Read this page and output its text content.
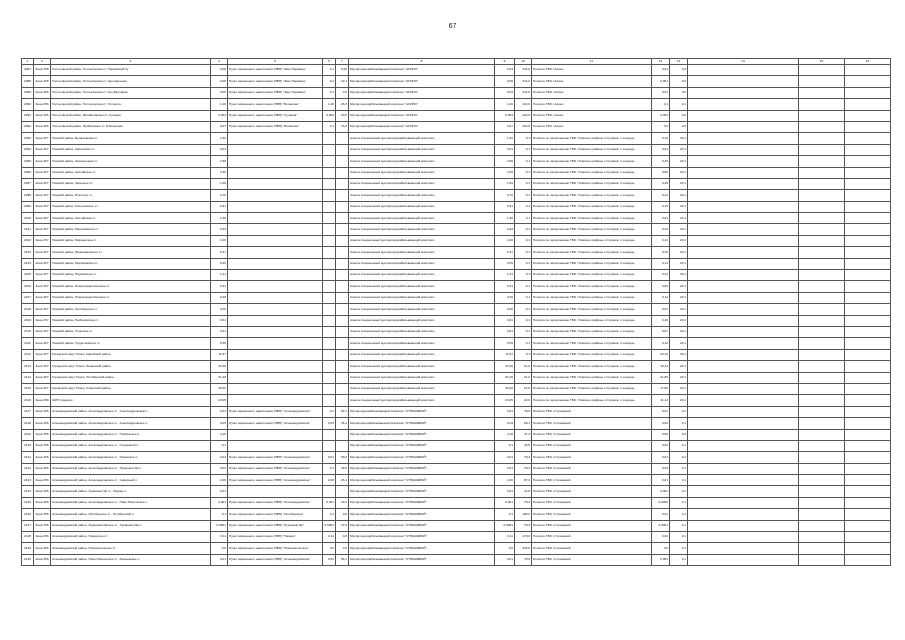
67
1	2	3	4	5	6	7	8	9	10	11	12	13	14	15	16
2087	Зона 3б6	Топтыгинский район, Топтыгинская ст. Покровский бу	0,08	Пункт временного накопления (ПВН) "Экко Пирамид"	0,1	0,20	Мусороперерабатывающий комплекс "АСИНО"	0,04	311,0	Полигон ТБО г.Асино	0,01	0,0			
2088	Зона 3б6	Топтыгинский район, Топтыгинская ст. Центральная	0,08	Пункт временного накопления (ПВН) "Экко Пирамид"	0,1	22,1	Мусороперерабатывающий комплекс "АСИНО"	0,05	311,0	Полигон ТБО г.Асино	0,001	0,0			
2089	Зона 3б6	Топтыгинский район, Топтыгинская ст. Кол-Балтарая	0,06	Пункт временного накопления (ПВН) "Экко Пирамид"	0,1	0,0	Мусороперерабатывающий комплекс "АСИНО"	0,04	311,0	Полигон ТБО г.Асино	0,01	0,0			
2090	Зона 3б6	Топтыгинский район, Топтыгинская ст. Топтыгин	1,20	Пункт временного накопления (ПВН) "Богашево"	1,20	26,3	Мусороперерабатывающий комплекс "АСИНО"	1,20	102,0	Полигон ТБО г.Асино	0,1	0,1			
2091	Зона 3б6	Топтыгинский район, Михайловская ст. Сулаков	0,004	Пункт временного накопления (ПВН) "Сулаков"	0,004	23,0	Мусороперерабатывающий комплекс "АСИНО"	0,004	102,0	Полигон ТБО г.Асино	0,004	0,0			
2092	Зона 3б6	Топтыгинский район, Прибрежное ст. Я.Березова	0,07	Пункт временного накопления (ПВН) "Богашево"	0,1	74,0	Мусороперерабатывающий комплекс "АСИНО"	0,07	102,0	Полигон ТБО г.Асино	0,0	0,0			
2093	Зона 3б7	Томский район, Богашевская ст.	1,62				Анкета специальный мусороперерабатывающий комплекс	1,62	0,1	Полигон по захоронению ТБО г.Томска и районы с.Сулаков, 1 очередь	0,15	20,1			
2094	Зона 3б7	Томский район, Корнилово ст.	0,01				Анкета специальный мусороперерабатывающий комплекс	0,01	0,1	Полигон по захоронению ТБО г.Томска и районы с.Сулаков, 1 очередь	0,01	20,1			
2095	Зона 3б7	Томский район, Зоркальцево ст.	2,56				Анкета специальный мусороперерабатывающий комплекс	2,56	0,1	Полигон по захоронению ТБО г.Томска и районы с.Сулаков, 1 очередь	0,26	20,1			
2096	Зона 3б7	Томский район, Калтайское ст.	3,25				Анкета специальный мусороперерабатывающий комплекс	3,25	0,1	Полигон по захоронению ТБО г.Томска и районы с.Сулаков, 1 очередь	0,66	20,1			
2097	Зона 3б7	Томский район, Заречное ст.	1,09				Анкета специальный мусороперерабатывающий комплекс	1,09	0,1	Полигон по захоронению ТБО г.Томска и районы с.Сулаков, 1 очередь	0,49	20,1			
2098	Зона 3б7	Томский район, Итатское ст.	0,70				Анкета специальный мусороперерабатывающий комплекс	0,70	0,1	Полигон по захоронению ТБО г.Томска и районы с.Сулаков, 1 очередь	0,12	20,1			
2099	Зона 3б7	Томский район, Копыловское ст.	0,91				Анкета специальный мусороперерабатывающий комплекс	0,91	0,1	Полигон по захоронению ТБО г.Томска и районы с.Сулаков, 1 очередь	0,19	20,1			
2100	Зона 3б7	Томский район, Калтайская ст.	1,36				Анкета специальный мусороперерабатывающий комплекс	1,36	0,1	Полигон по захоронению ТБО г.Томска и районы с.Сулаков, 1 очередь	0,01	20,1			
2101	Зона 3б7	Томский район, Малиновское ст.	0,94				Анкета специальный мусороперерабатывающий комплекс	0,94	0,1	Полигон по захоронению ТБО г.Томска и районы с.Сулаков, 1 очередь	0,20	20,1			
2102	Зона 3б7	Томский район, Мирненское ст.	1,00				Анкета специальный мусороперерабатывающий комплекс	1,00	0,1	Полигон по захоронению ТБО г.Томска и районы с.Сулаков, 1 очередь	0,41	20,1			
2103	Зона 3б7	Томский район, Межениновское ст.	0,37				Анкета специальный мусороперерабатывающий комплекс	0,37	0,1	Полигон по захоронению ТБО г.Томска и районы с.Сулаков, 1 очередь	0,16	20,1			
2104	Зона 3б7	Томский район, Моряковское ст.	0,65				Анкета специальный мусороперерабатывающий комплекс	0,65	0,1	Полигон по захоронению ТБО г.Томска и районы с.Сулаков, 1 очередь	0,13	20,1			
2105	Зона 3б7	Томский район, Наумовское ст.	1,21				Анкета специальный мусороперерабатывающий комплекс	1,21	0,1	Полигон по захоронению ТБО г.Томска и районы с.Сулаков, 1 очередь	0,24	20,1			
2106	Зона 3б7	Томский район, Новорождественское ст.	0,31				Анкета специальный мусороперерабатывающий комплекс	0,31	0,1	Полигон по захоронению ТБО г.Томска и районы с.Сулаков, 1 очередь	0,06	20,1			
2107	Зона 3б7	Томский район, Новорождественское ст.	0,26				Анкета специальный мусороперерабатывающий комплекс	0,26	0,1	Полигон по захоронению ТБО г.Томска и районы с.Сулаков, 1 очередь	0,11	20,1			
2108	Зона 3б7	Томский район, Октябрьское ст.	0,06				Анкета специальный мусороперерабатывающий комплекс	0,06	0,1	Полигон по захоронению ТБО г.Томска и районы с.Сулаков, 1 очередь	0,01	20,1			
2109	Зона 3б7	Томский район, Рыбаловское ст.	0,61				Анкета специальный мусороперерабатывающий комплекс	0,61	0,1	Полигон по захоронению ТБО г.Томска и районы с.Сулаков, 1 очередь	0,19	20,1			
2110	Зона 3б7	Томский район, Спасское ст.	0,61				Анкета специальный мусороперерабатывающий комплекс	0,61	0,1	Полигон по захоронению ТБО г.Томска и районы с.Сулаков, 1 очередь	0,07	20,1			
2111	Зона 3б7	Томский район, Турунтаевское ст.	0,59				Анкета специальный мусороперерабатывающий комплекс	0,59	0,1	Полигон по захоронению ТБО г.Томска и районы с.Сулаков, 1 очередь	0,12	20,1			
2112	Зона 3б7	Городской округ Томск, Кировский район	11,67				Анкета специальный мусороперерабатывающий комплекс	11,67	0,1	Полигон по захоронению ТБО г.Томска и районы с.Сулаков, 1 очередь	20,15	20,1			
2113	Зона 3б7	Городской округ Томск, Ленинский район	41,00				Анкета специальный мусороперерабатывающий комплекс	41,00	21,0	Полигон по захоронению ТБО г.Томска и районы с.Сулаков, 1 очередь	19,24	20,1			
2114	Зона 3б7	Городской округ Томск, Октябрьский район	61,20				Анкета специальный мусороперерабатывающий комплекс	61,20	21,0	Полигон по захоронению ТБО г.Томска и районы с.Сулаков, 1 очередь	21,65	20,1			
2115	Зона 3б7	Городской округ Томск, Советский район	39,22				Анкета специальный мусороперерабатывающий комплекс	39,22	21,0	Полигон по захоронению ТБО г.Томска и районы с.Сулаков, 1 очередь	17,66	20,1			
2116	Зона 3б8	ЗАТО Северск	23,05				Анкета специальный мусороперерабатывающий комплекс	23,05	22,0	Полигон по захоронению ТБО г.Томска и районы с.Сулаков, 1 очередь	11,13	20,1			
2117	Зона 3б6	Александровский район, Александровское ст., Александровский п.	0,01	Пункт временного накопления (ПВН) "Александровское"	0,1	82,1	Мусороперерабатывающий комплекс "СТРЕЖЕВОЙ"	0,01	78,0	Полигон ТБО г.Стрежевой	0,01	0,1			
2118	Зона 3б6	Александровский район, Александровское ст., Александровское с.	0,03	Пункт временного накопления (ПВН) "Александровское"	0,03	45,1	Мусороперерабатывающий комплекс "СТРЕЖЕВОЙ"	0,03	98,1	Полигон ТБО г.Стрежевой	0,00	0,1			
2119	Зона 3б6	Александровский район, Александровское ст., Ноябрьское п.	4,18				Мусороперерабатывающий комплекс "СТРЕЖЕВОЙ"	4,18	47,3	Полигон ТБО г.Стрежевой	0,09	0,2			
2120	Зона 3б6	Александровский район, Александровское ст., Стрежевой п.	0,1				Мусороперерабатывающий комплекс "СТРЕЖЕВОЙ"	0,1	43,5	Полигон ТБО г.Стрежевой	0,02	0,1			
2121	Зона 3б6	Александровский район, Александровское ст., Назинское п.	0,04	Пункт временного накопления (ПВН) "Александровское"	0,01	59,0	Мусороперерабатывающий комплекс "СТРЕЖЕВОЙ"	0,01	78,4	Полигон ТБО г.Стрежевой	0,01	0,1			
2122	Зона 3б6	Александровский район, Александровское ст., Лукашкин Яр п.	0,04	Пункт временного накопления (ПВН) "Александровское"	0,1	49,0	Мусороперерабатывающий комплекс "СТРЕЖЕВОЙ"	0,01	78,4	Полигон ТБО г.Стрежевой	0,04	0,1			
2123	Зона 3б6	Александровский район, Александровское ст., Северный п.	2,00	Пункт временного накопления (ПВН) "Александровское"	2,00	26,1	Мусороперерабатывающий комплекс "СТРЕЖЕВОЙ"	2,00	87,3	Полигон ТБО г.Стрежевой	0,01	0,1			
2124	Зона 3б6	Александровский район, Лукашкин Яр ст., Ларино с.	0,01				Мусороперерабатывающий комплекс "СТРЕЖЕВОЙ"	0,01	41,8	Полигон ТБО г.Стрежевой	0,001	0,1			
2125	Зона 3б6	Александровский район, Александровское ст., Ново-Никольское с.	0,001	Пункт временного накопления (ПВН) "Александровское"	0,001	40,1	Мусороперерабатывающий комплекс "СТРЕЖЕВОЙ"	0,001	78,4	Полигон ТБО г.Стрежевой	0,0002	0,1			
2126	Зона 3б6	Александровский район, Октябрьское ст., Октябрьский п.	0,1	Пункт временного накопления (ПВН) "Октябрьское"	0,1	0,0	Мусороперерабатывающий комплекс "СТРЕЖЕВОЙ"	0,1	180,2	Полигон ТБО г.Стрежевой	0,01	0,1			
2127	Зона 3б6	Александровский район, Лукашкин-Ярское ст., Лукашкин-Яр с.	0,0001	Пункт временного накопления (ПВН) "Лукашкин Яр"	0,0001	47,0	Мусороперерабатывающий комплекс "СТРЕЖЕВОЙ"	0,0001	78,3	Полигон ТБО г.Стрежевой	0,0001	0,1			
2128	Зона 3б6	Александровский район, Назинское ст.	0,11	Пункт временного накопления (ПВН) "Назино"	0,11	0,0	Мусороперерабатывающий комплекс "СТРЕЖЕВОЙ"	0,11	170,0	Полигон ТБО г.Стрежевой	0,02	0,1			
2129	Зона 3б6	Александровский район, Новоникольское ст.	0,0	Пункт временного накопления (ПВН) "Новоникольское"	0,0	0,0	Мусороперерабатывающий комплекс "СТРЕЖЕВОЙ"	0,0	232,0	Полигон ТБО г.Стрежевой	0,0	0,1			
2130	Зона 3б6	Александровский район, Ново-Никольское ст., Ашкеевское с.	0,01	Пункт временного накопления (ПВН) "Александровское"	0,01	56,1	Мусороперерабатывающий комплекс "СТРЕЖЕВОЙ"	0,01	78,0	Полигон ТБО г.Стрежевой	0,001	0,1			
